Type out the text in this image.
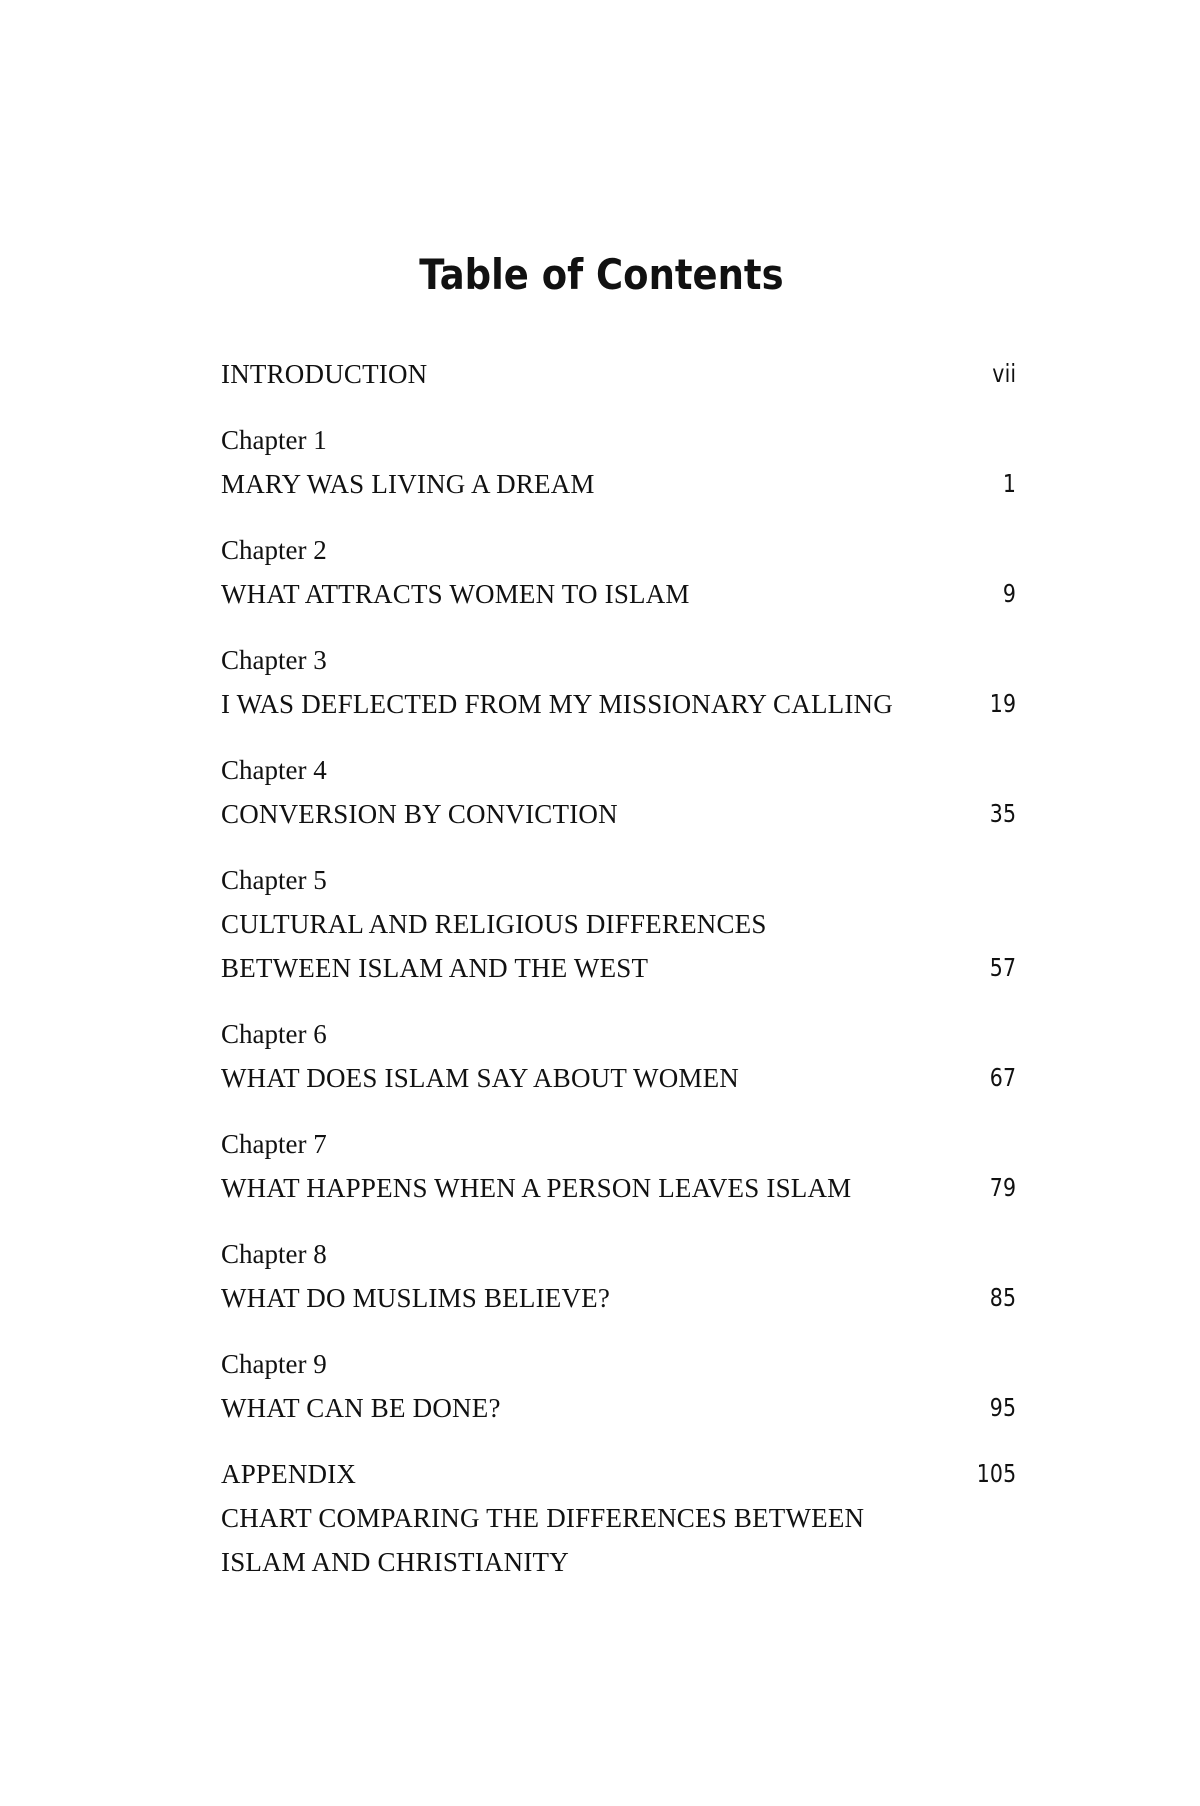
Table of Contents
INTRODUCTION	vii
Chapter 1
MARY WAS LIVING A DREAM	1
Chapter 2
WHAT ATTRACTS WOMEN TO ISLAM	9
Chapter 3
I WAS DEFLECTED FROM MY MISSIONARY CALLING	19
Chapter 4
CONVERSION BY CONVICTION	35
Chapter 5
CULTURAL AND RELIGIOUS DIFFERENCES
BETWEEN ISLAM AND THE WEST	57
Chapter 6
WHAT DOES ISLAM SAY ABOUT WOMEN	67
Chapter 7
WHAT HAPPENS WHEN A PERSON LEAVES ISLAM	79
Chapter 8
WHAT DO MUSLIMS BELIEVE?	85
Chapter 9
WHAT CAN BE DONE?	95
APPENDIX	105
CHART COMPARING THE DIFFERENCES BETWEEN
ISLAM AND CHRISTIANITY
